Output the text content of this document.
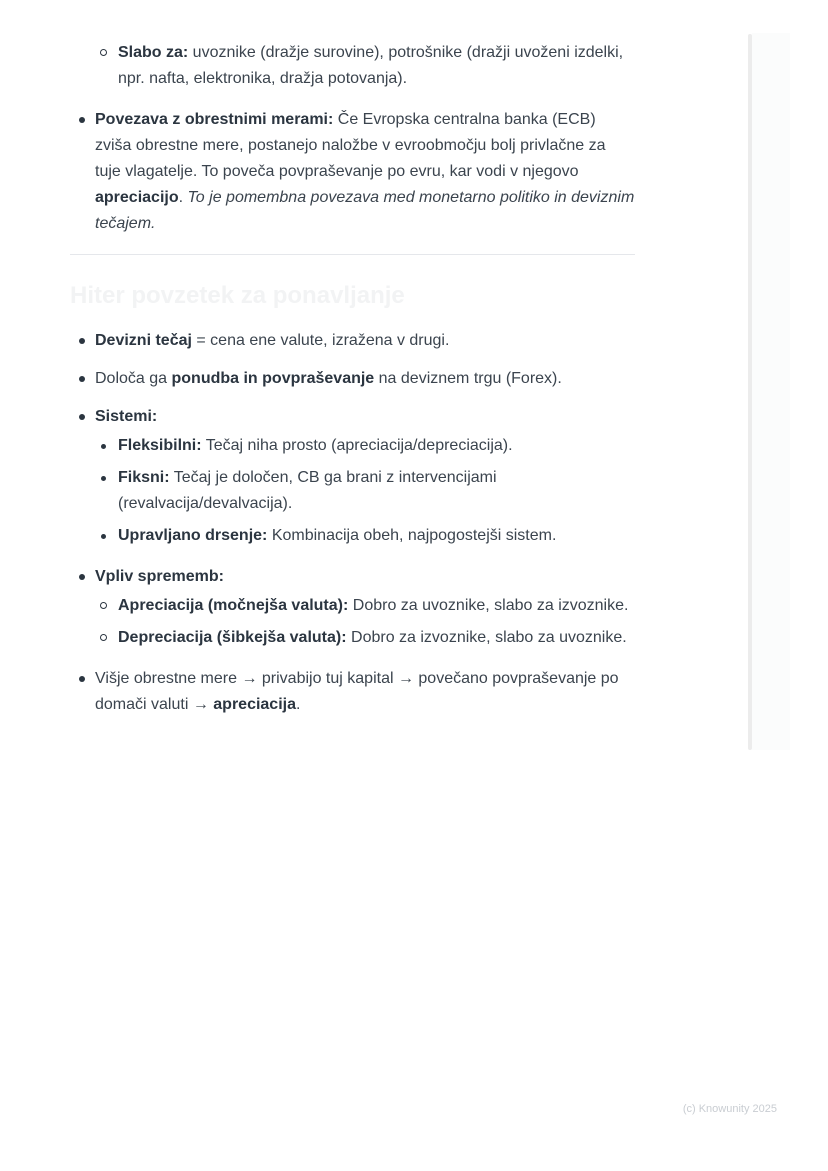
Slabo za: uvoznike (dražje surovine), potrošnike (dražji uvoženi izdelki, npr. nafta, elektronika, dražja potovanja).
Povezava z obrestnimi merami: Če Evropska centralna banka (ECB) zviša obrestne mere, postanejo naložbe v evroobmočju bolj privlačne za tuje vlagatelje. To poveča povpraševanje po evru, kar vodi v njegovo apreciacijo. To je pomembna povezava med monetarno politiko in deviznim tečajem.
Hiter povzetek za ponavljanje
Devizni tečaj = cena ene valute, izražena v drugi.
Določa ga ponudba in povpraševanje na deviznem trgu (Forex).
Sistemi:
Fleksibilni: Tečaj niha prosto (apreciacija/depreciacija).
Fiksni: Tečaj je določen, CB ga brani z intervencijami (revalvacija/devalvacija).
Upravljano drsenje: Kombinacija obeh, najpogostejši sistem.
Vpliv sprememb:
Apreciacija (močnejša valuta): Dobro za uvoznike, slabo za izvoznike.
Depreciacija (šibkejša valuta): Dobro za izvoznike, slabo za uvoznike.
Višje obrestne mere → privabijo tuj kapital → povečano povpraševanje po domači valuti → apreciacija.
(c) Knowunity 2025
